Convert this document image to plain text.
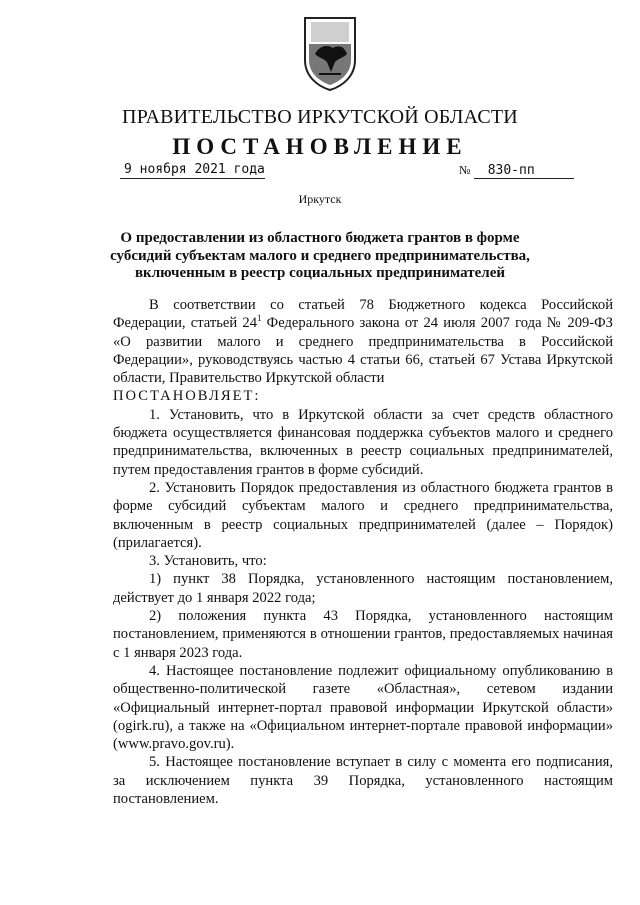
ПРАВИТЕЛЬСТВО ИРКУТСКОЙ ОБЛАСТИ
ПОСТАНОВЛЕНИЕ
9 ноября 2021 года	№ 830-пп
Иркутск
О предоставлении из областного бюджета грантов в форме субсидий субъектам малого и среднего предпринимательства, включенным в реестр социальных предпринимателей

В соответствии со статьей 78 Бюджетного кодекса Российской Федерации, статьей $24^1$ Федерального закона от 24 июля 2007 года № 209-ФЗ «О развитии малого и среднего предпринимательства в Российской Федерации», руководствуясь частью 4 статьи 66, статьей 67 Устава Иркутской области, Правительство Иркутской области

ПОСТАНОВЛЯЕТ:

1. Установить, что в Иркутской области за счет средств областного бюджета осуществляется финансовая поддержка субъектов малого и среднего предпринимательства, включенных в реестр социальных предпринимателей, путем предоставления грантов в форме субсидий.

2. Установить Порядок предоставления из областного бюджета грантов в форме субсидий субъектам малого и среднего предпринимательства, включенным в реестр социальных предпринимателей (далее – Порядок) (прилагается).

3. Установить, что:

1) пункт 38 Порядка, установленного настоящим постановлением, действует до 1 января 2022 года;

2) положения пункта 43 Порядка, установленного настоящим постановлением, применяются в отношении грантов, предоставляемых начиная с 1 января 2023 года.

4. Настоящее постановление подлежит официальному опубликованию в общественно-политической газете «Областная», сетевом издании «Официальный интернет-портал правовой информации Иркутской области» (ogirk.ru), а также на «Официальном интернет-портале правовой информации» (www.pravo.gov.ru).

5. Настоящее постановление вступает в силу с момента его подписания, за исключением пункта 39 Порядка, установленного настоящим постановлением.
